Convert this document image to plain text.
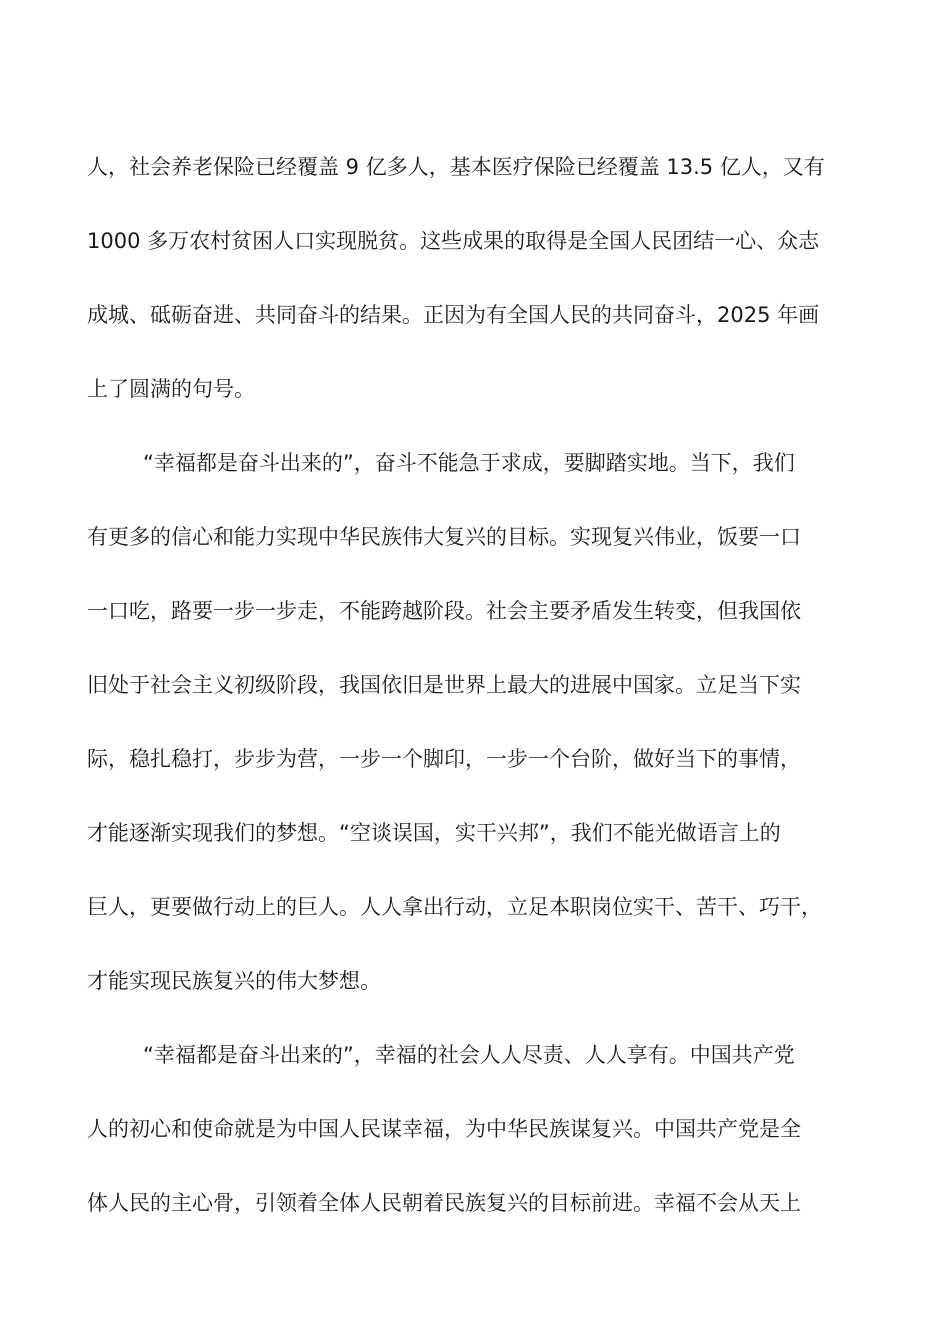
人，社会养老保险已经覆盖 9 亿多人，基本医疗保险已经覆盖 13.5 亿人，又有
1000 多万农村贫困人口实现脱贫。这些成果的取得是全国人民团结一心、众志
成城、砥砺奋进、共同奋斗的结果。正因为有全国人民的共同奋斗，2025 年画
上了圆满的句号。

“幸福都是奋斗出来的”，奋斗不能急于求成，要脚踏实地。当下，我们
有更多的信心和能力实现中华民族伟大复兴的目标。实现复兴伟业，饭要一口
一口吃，路要一步一步走，不能跨越阶段。社会主要矛盾发生转变，但我国依
旧处于社会主义初级阶段，我国依旧是世界上最大的进展中国家。立足当下实
际，稳扎稳打，步步为营，一步一个脚印，一步一个台阶，做好当下的事情，
才能逐渐实现我们的梦想。“空谈误国，实干兴邦”，我们不能光做语言上的
巨人，更要做行动上的巨人。人人拿出行动，立足本职岗位实干、苦干、巧干，
才能实现民族复兴的伟大梦想。

“幸福都是奋斗出来的”，幸福的社会人人尽责、人人享有。中国共产党
人的初心和使命就是为中国人民谋幸福，为中华民族谋复兴。中国共产党是全
体人民的主心骨，引领着全体人民朝着民族复兴的目标前进。幸福不会从天上
